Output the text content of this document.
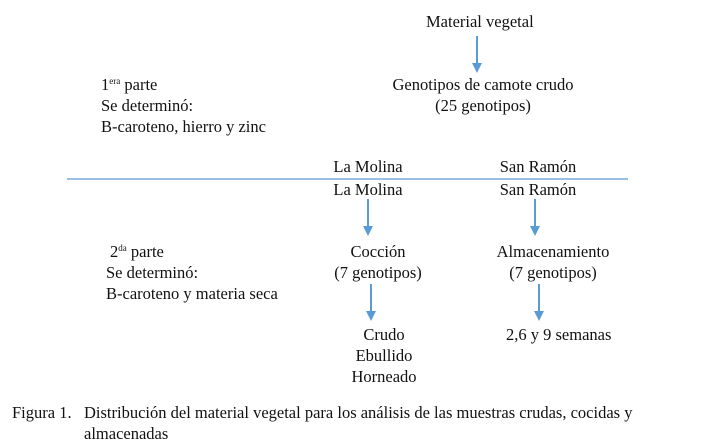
Material vegetal
Genotipos de camote crudo
(25 genotipos)
$1^{era}$ parte
Se determinó:
B-caroteno, hierro y zinc
La Molina	San Ramón
La Molina	San Ramón
$2^{da}$ parte
Se determinó:
B-caroteno y materia seca
Cocción
(7 genotipos)
Crudo
Ebullido
Horneado
Almacenamiento
(7 genotipos)
2,6 y 9 semanas
Figura 1. Distribución del material vegetal para los análisis de las muestras crudas, cocidas y
almacenadas
